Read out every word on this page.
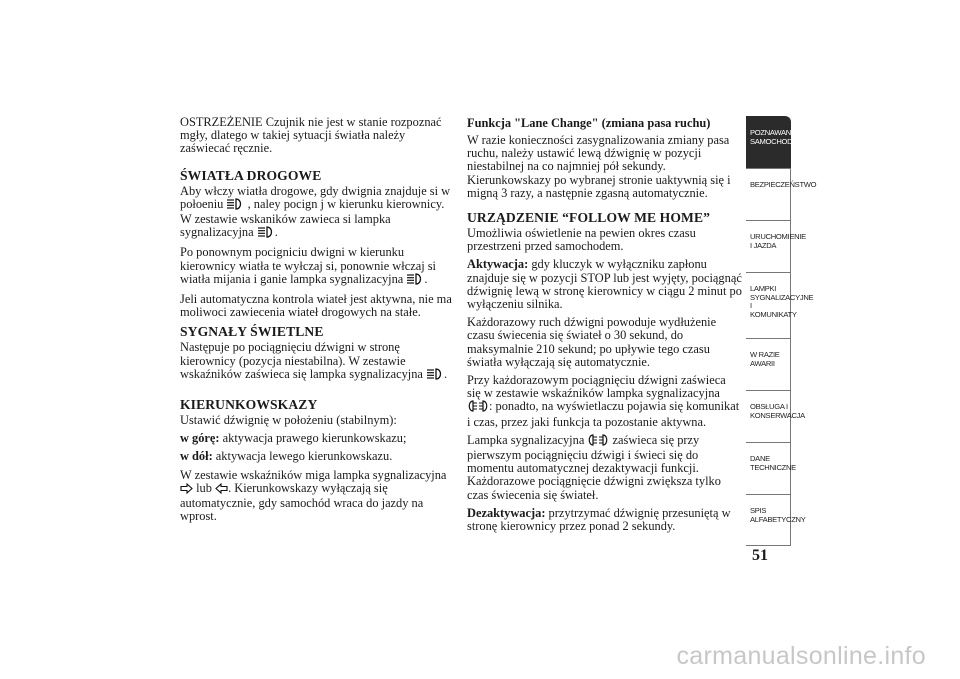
OSTRZEŻENIE Czujnik nie jest w stanie rozpoznać mgły, dlatego w takiej sytuacji światła należy zaświecać ręcznie.

ŚWIATŁA DROGOWE

Aby włczy wiatła drogowe, gdy dwignia znajduje si w połoeniu , naley pocign j w kierunku kierownicy. W zestawie wskaników zawieca si lampka sygnalizacyjna .

Po ponownym pocigniciu dwigni w kierunku kierownicy wiatła te wyłczaj si, ponownie włczaj si wiatła mijania i ganie lampka sygnalizacyjna .

Jeli automatyczna kontrola wiateł jest aktywna, nie ma moliwoci zawiecenia wiateł drogowych na stałe.

SYGNAŁY ŚWIETLNE

Następuje po pociągnięciu dźwigni w stronę kierownicy (pozycja niestabilna). W zestawie wskaźników zaświeca się lampka sygnalizacyjna .

KIERUNKOWSKAZY

Ustawić dźwignię w położeniu (stabilnym):

w górę: aktywacja prawego kierunkowskazu;

w dół: aktywacja lewego kierunkowskazu.

W zestawie wskaźników miga lampka sygnalizacyjna  lub . Kierunkowskazy wyłączają się automatycznie, gdy samochód wraca do jazdy na wprost.

Funkcja "Lane Change" (zmiana pasa ruchu)

W razie konieczności zasygnalizowania zmiany pasa ruchu, należy ustawić lewą dźwignię w pozycji niestabilnej na co najmniej pół sekundy. Kierunkowskazy po wybranej stronie uaktywnią się i migną 3 razy, a następnie zgasną automatycznie.

URZĄDZENIE “FOLLOW ME HOME”

Umożliwia oświetlenie na pewien okres czasu przestrzeni przed samochodem.

Aktywacja: gdy kluczyk w wyłączniku zapłonu znajduje się w pozycji STOP lub jest wyjęty, pociągnąć dźwignię lewą w stronę kierownicy w ciągu 2 minut po wyłączeniu silnika.

Każdorazowy ruch dźwigni powoduje wydłużenie czasu świecenia się świateł o 30 sekund, do maksymalnie 210 sekund; po upływie tego czasu światła wyłączają się automatycznie.

Przy każdorazowym pociągnięciu dźwigni zaświeca się w zestawie wskaźników lampka sygnalizacyjna
: ponadto, na wyświetlaczu pojawia się komunikat i czas, przez jaki funkcja ta pozostanie aktywna.

Lampka sygnalizacyjna  zaświeca się przy pierwszym pociągnięciu dźwigi i świeci się do momentu automatycznej dezaktywacji funkcji. Każdorazowe pociągnięcie dźwigni zwiększa tylko czas świecenia się świateł.

Dezaktywacja: przytrzymać dźwignię przesuniętą w stronę kierownicy przez ponad 2 sekundy.

POZNAWANIE SAMOCHODU
BEZPIECZEŃSTWO
URUCHOMIENIE I JAZDA
LAMPKI SYGNALIZACYJNE I KOMUNIKATY
W RAZIE AWARII
OBSŁUGA I KONSERWACJA
DANE TECHNICZNE
SPIS ALFABETYCZNY
51
carmanualsonline.info
